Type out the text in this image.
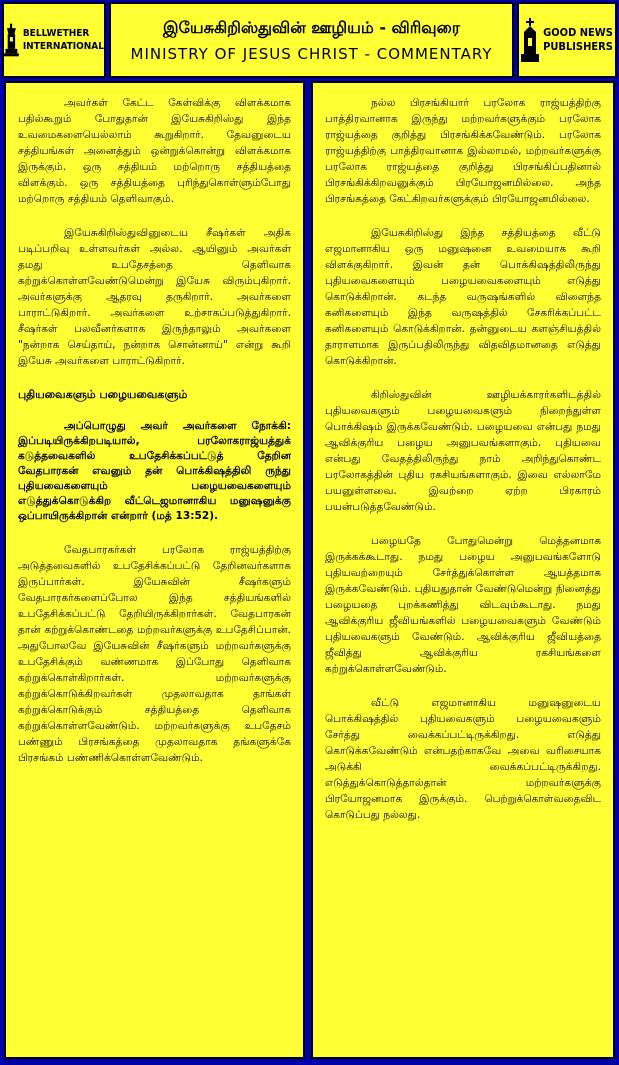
BELLWETHER
INTERNATIONAL
இயேசுகிறிஸ்துவின் ஊழியம் - விரிவுரை
MINISTRY OF JESUS CHRIST - COMMENTARY
GOOD NEWS
PUBLISHERS

அவர்கள் கேட்ட கேள்விக்கு விளக்கமாக பதில்கூறும் போதுதான் இயேசுகிறிஸ்து இந்த உவமைகளையெல்லாம் கூறுகிறார். தேவனுடைய சத்தியங்கள் அனைத்தும் ஒன்றுக்கொன்று விளக்கமாக இருக்கும். ஒரு சத்தியம் மற்றொரு சத்தியத்தை விளக்கும். ஒரு சத்தியத்தை புரிந்துகொள்ளும்போது மற்றொரு சத்தியம் தெளிவாகும்.

இயேசுகிறிஸ்துவினுடைய சீஷர்கள் அதிக படிப்பறிவு உள்ளவர்கள் அல்ல. ஆயினும் அவர்கள் தமது உபதேசத்தை தெளிவாக கற்றுக்கொள்ளவேண்டுமென்று இயேசு விரும்புகிறார். அவர்களுக்கு ஆதரவு தருகிறார். அவர்களை பாராட்டுகிறார். அவர்களை உற்சாகப்படுத்துகிறார். சீஷர்கள் பலவீனர்களாக இருந்தாலும் அவர்களை "நன்றாக செய்தாய், நன்றாக சொன்னாய்" என்று கூறி இயேசு அவர்களை பாராட்டுகிறார்.

புதியவைகளும் பழையவைகளும்
அப்பொழுது அவர் அவர்களை நோக்கி: இப்படியிருக்கிறபடியால், பரலோகராஜ்யத்துக் கடுத்தவைகளில் உபதேசிக்கப்பட்டுத் தேறின வேதபாரகன் எவனும் தன் பொக்கிஷத்திலி ருந்து புதியவைகளையும் பழையவைகளையும் எடுத்துக்கொடுக்கிற வீட்டெஜமானாகிய மனுஷனுக்கு ஒப்பாயிருக்கிறான் என்றார் (மத் 13:52).

வேதபாரகர்கள் பரலோக ராஜ்யத்திற்கு அடுத்தவைகளில் உபதேசிக்கப்பட்டு தேறினவர்களாக இருப்பார்கள். இயேசுவின் சீஷர்களும் வேதபாரகர்களைப்போல இந்த சத்தியங்களில் உபதேசிக்கப்பட்டு தேறியிருக்கிறார்கள். வேதபாரகன் தான் கற்றுக்கொண்டதை மற்றவர்களுக்கு உபதேசிப்பான். அதுபோலவே இயேசுவின் சீஷர்களும் மற்றவர்களுக்கு உபதேசிக்கும் வண்ணமாக இப்போது தெளிவாக கற்றுக்கொள்கிறார்கள். மற்றவர்களுக்கு கற்றுக்கொடுக்கிறவர்கள் முதலாவதாக தாங்கள் கற்றுக்கொடுக்கும் சத்தியத்தை தெளிவாக கற்றுக்கொள்ளவேண்டும். மற்றவர்களுக்கு உபதேசம் பண்ணும் பிரசங்கத்தை முதலாவதாக தங்களுக்கே பிரசங்கம் பண்ணிக்கொள்ளவேண்டும்.

நல்ல பிரசங்கியார் பரலோக ராஜ்யத்திற்கு பாத்திரவானாக இருந்து மற்றவர்களுக்கும் பரலோக ராஜ்யத்தை குறித்து பிரசங்கிக்கவேண்டும். பரலோக ராஜ்யத்திற்கு பாத்திரவானாக இல்லாமல், மற்றவர்களுக்கு பரலோக ராஜ்யத்தை குறித்து பிரசங்கிப்பதினால் பிரசங்கிக்கிறவனுக்கும் பிரயோஜனமில்லை. அந்த பிரசங்கத்தை கேட்கிறவர்களுக்கும் பிரயோஜனமில்லை.

இயேசுகிறிஸ்து இந்த சத்தியத்தை வீட்டு எஜமானாகிய ஒரு மனுஷனை உவமையாக கூறி விளக்குகிறார். இவன் தன் பொக்கிஷத்திலிருந்து புதியவைகளையும் பழையவைகளையும் எடுத்து கொடுக்கிறான். கடந்த வருஷங்களில் விளைந்த கனிகளையும் இந்த வருஷத்தில் சேகரிக்கப்பட்ட கனிகளையும் கொடுக்கிறான். தன்னுடைய களஞ்சியத்தில் தாராளமாக இருப்பதிலிருந்து விதவிதமானதை எடுத்து கொடுக்கிறான்.

கிறிஸ்துவின் ஊழியக்காரர்களிடத்தில் புதியவைகளும் பழையவைகளும் நிறைந்துள்ள பொக்கிஷம் இருக்கவேண்டும். பழையவை என்பது நமது ஆவிக்குரிய பழைய அனுபவங்களாகும். புதியவை என்பது வேதத்திலிருந்து நாம் அறிந்துகொண்ட பரலோகத்தின் புதிய ரகசியங்களாகும். இவை எல்லாமே பயனுள்ளவை. இவற்றை ஏற்ற பிரகாரம் பயன்படுத்தவேண்டும்.

பழையதே போதுமென்று மெத்தனமாக இருக்கக்கூடாது. நமது பழைய அனுபவங்களோடு புதியவற்றையும் சேர்த்துக்கொள்ள ஆயத்தமாக இருக்கவேண்டும். புதியதுதான் வேண்டுமென்று நினைத்து பழையதை புறக்கணித்து விடவும்கூடாது. நமது ஆவிக்குரிய ஜீவியங்களில் பழையவைகளும் வேண்டும் புதியவைகளும் வேண்டும். ஆவிக்குரிய ஜீவியத்தை ஜீவித்து ஆவிக்குரிய ரகசியங்களை கற்றுக்கொள்ளவேண்டும்.

வீட்டு எஜமானாகிய மனுஷனுடைய பொக்கிஷத்தில் புதியவைகளும் பழையவைகளும் சேர்த்து வைக்கப்பட்டிருக்கிறது. எடுத்து கொடுக்கவேண்டும் என்பதற்காகவே அவை வரிசையாக அடுக்கி வைக்கப்பட்டிருக்கிறது. எடுத்துக்கொடுத்தால்தான் மற்றவர்களுக்கு பிரயோஜனமாக இருக்கும். பெற்றுக்கொள்வதைவிட கொடுப்பது நல்லது.
